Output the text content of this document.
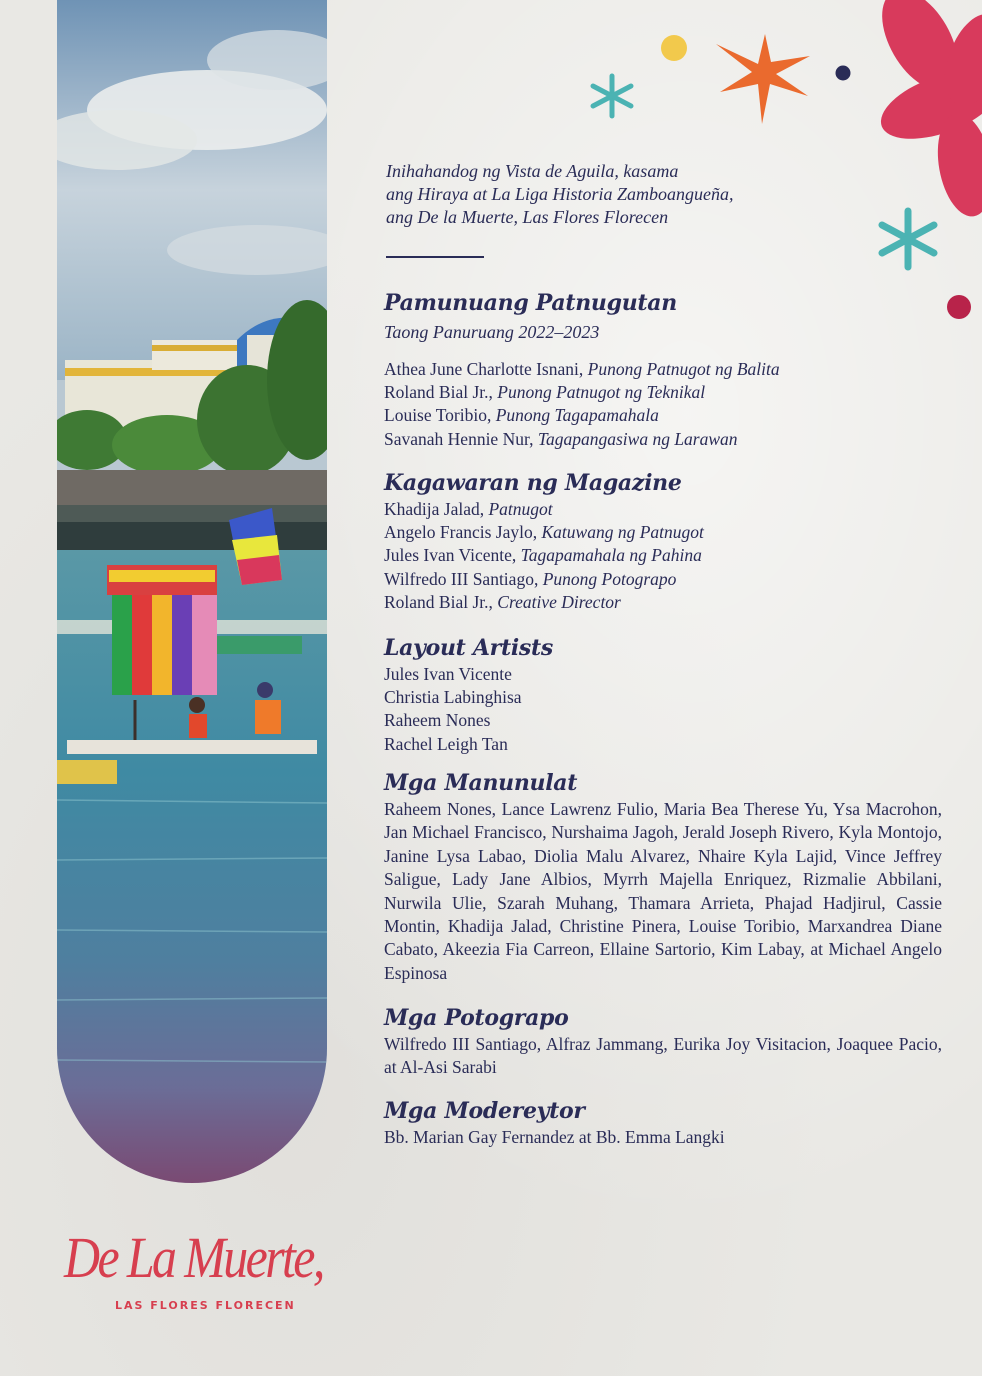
Inihahandog ng Vista de Aguila, kasama
ang Hiraya at La Liga Historia Zamboangueña,
ang De la Muerte, Las Flores Florecen
Pamunuang Patnugutan
Taong Panuruang 2022–2023
Athea June Charlotte Isnani, Punong Patnugot ng Balita
Roland Bial Jr., Punong Patnugot ng Teknikal
Louise Toribio, Punong Tagapamahala
Savanah Hennie Nur, Tagapangasiwa ng Larawan
Kagawaran ng Magazine
Khadija Jalad, Patnugot
Angelo Francis Jaylo, Katuwang ng Patnugot
Jules Ivan Vicente, Tagapamahala ng Pahina
Wilfredo III Santiago, Punong Potograpo
Roland Bial Jr., Creative Director
Layout Artists
Jules Ivan Vicente
Christia Labinghisa
Raheem Nones
Rachel Leigh Tan
Mga Manunulat
Raheem Nones, Lance Lawrenz Fulio, Maria Bea Therese Yu, Ysa Macrohon, Jan Michael Francisco, Nurshaima Jagoh, Jerald Joseph Rivero, Kyla Montojo, Janine Lysa Labao, Diolia Malu Alvarez, Nhaire Kyla Lajid, Vince Jeffrey Saligue, Lady Jane Albios, Myrrh Majella Enriquez, Rizmalie Abbilani, Nurwila Ulie, Szarah Muhang, Thamara Arrieta, Phajad Hadjirul, Cassie Montin, Khadija Jalad, Christine Pinera, Louise Toribio, Marxandrea Diane Cabato, Akeezia Fia Carreon, Ellaine Sartorio, Kim Labay, at Michael Angelo Espinosa
Mga Potograpo
Wilfredo III Santiago, Alfraz Jammang, Eurika Joy Visitacion, Joaquee Pacio, at Al-Asi Sarabi
Mga Modereytor
Bb. Marian Gay Fernandez at Bb. Emma Langki
De La Muerte,
LAS FLORES FLORECEN
